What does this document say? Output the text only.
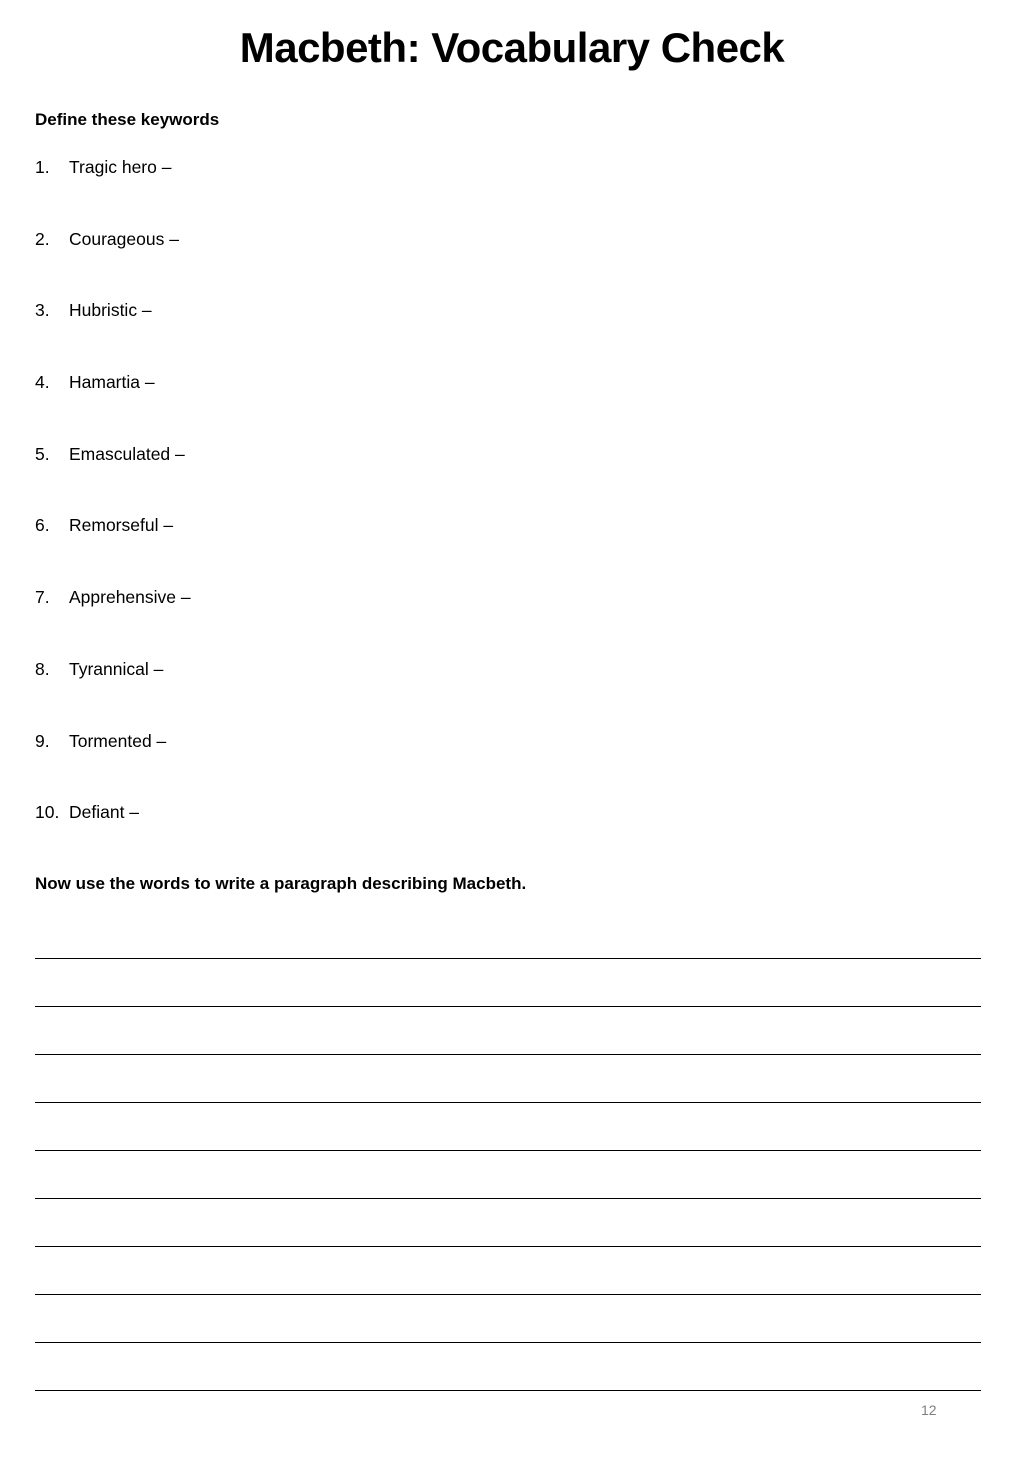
Macbeth: Vocabulary Check

Define these keywords

1.	Tragic hero –
2.	Courageous –
3.	Hubristic –
4.	Hamartia –
5.	Emasculated –
6.	Remorseful –
7.	Apprehensive –
8.	Tyrannical –
9.	Tormented –
10. Defiant –

Now use the words to write a paragraph describing Macbeth.

12
